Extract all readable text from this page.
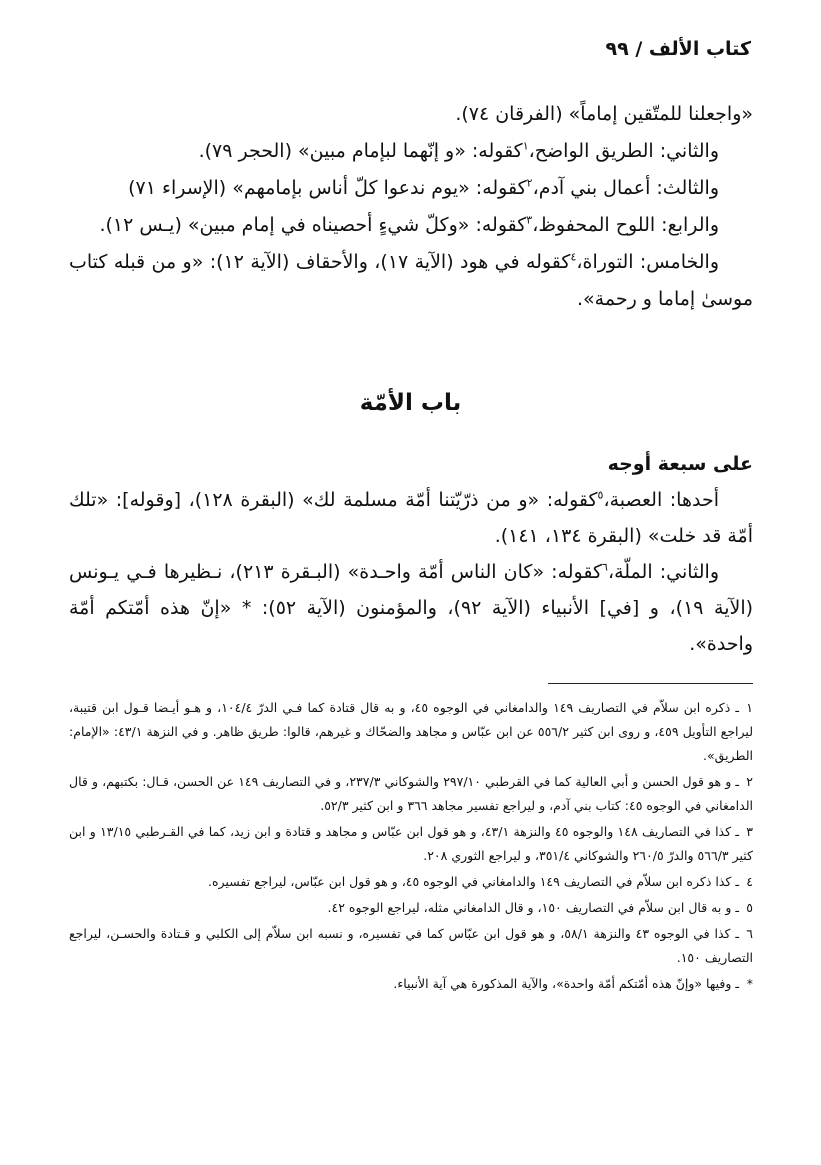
كتاب الألف / ٩٩

«واجعلنا للمتّقين إماماً» (الفرقان ٧٤).

والثاني: الطريق الواضح،$^١$كقوله: «و إنّهما لبإمام مبين» (الحجر ٧٩).

والثالث: أعمال بني آدم،$^٢$كقوله: «يوم ندعوا كلّ أناس بإمامهم» (الإسراء ٧١)

والرابع: اللوح المحفوظ،$^٣$كقوله: «وكلّ شيءٍ أحصيناه في إمام مبين» (يـس ١٢).

والخامس: التوراة،$^٤$كقوله في هود (الآية ١٧)، والأحقاف (الآية ١٢): «و من قبله كتاب موسىٰ إماما و رحمة».

باب الأمّة

على سبعة أوجه

أحدها: العصبة،$^٥$كقوله: «و من ذرّيّتنا أمّة مسلمة لك» (البقرة ١٢٨)، [وقوله]: «تلك أمّة قد خلت» (البقرة ١٣٤، ١٤١).

والثاني: الملّة،$^٦$كقوله: «كان الناس أمّة واحـدة» (البـقرة ٢١٣)، نـظيرها فـي يـونس (الآية ١٩)، و [في] الأنبياء (الآية ٩٢)، والمؤمنون (الآية ٥٢): * «إنّ هذه أمّتكم أمّة واحدة».

١ـ ذكره ابن سلاّم في التصاريف ١٤٩ والدامغاني في الوجوه ٤٥، و به قال قتادة كما فـي الدرّ ١٠٤/٤، و هـو أيـضا قـول ابن قتيبة، ليراجع التأويل ٤٥٩، و روى ابن كثير ٥٥٦/٢ عن ابن عبّاس و مجاهد والضحّاك و غيرهم، قالوا: طريق ظاهر. و في النزهة ٤٣/١: «الإمام: الطريق».

٢ـ و هو قول الحسن و أبي العالية كما في القرطبي ٢٩٧/١٠ والشوكاني ٢٣٧/٣، و في التصاريف ١٤٩ عن الحسن، قـال: بكتبهم، و قال الدامغاني في الوجوه ٤٥: كتاب بني آدم، و ليراجع تفسير مجاهد ٣٦٦ و ابن كثير ٥٢/٣.

٣ـ كذا في التصاريف ١٤٨ والوجوه ٤٥ والنزهة ٤٣/١، و هو قول ابن عبّاس و مجاهد و قتادة و ابن زيد، كما في القـرطبي ١٣/١٥ و ابن كثير ٥٦٦/٣ والدرّ ٢٦٠/٥ والشوكاني ٣٥١/٤، و ليراجع الثوري ٢٠٨.

٤ـ كذا ذكره ابن سلاّم في التصاريف ١٤٩ والدامغاني في الوجوه ٤٥، و هو قول ابن عبّاس، ليراجع تفسيره.

٥ـ و به قال ابن سلاّم في التصاريف ١٥٠، و قال الدامغاني مثله، ليراجع الوجوه ٤٢.

٦ـ كذا في الوجوه ٤٣ والنزهة ٥٨/١، و هو قول ابن عبّاس كما في تفسيره، و نسبه ابن سلاّم إلى الكلبي و قـتادة والحسـن، ليراجع التصاريف ١٥٠.

*ـ وفيها «وإنّ هذه أمّتكم أمّة واحدة»، والآية المذكورة هي آية الأنبياء.
